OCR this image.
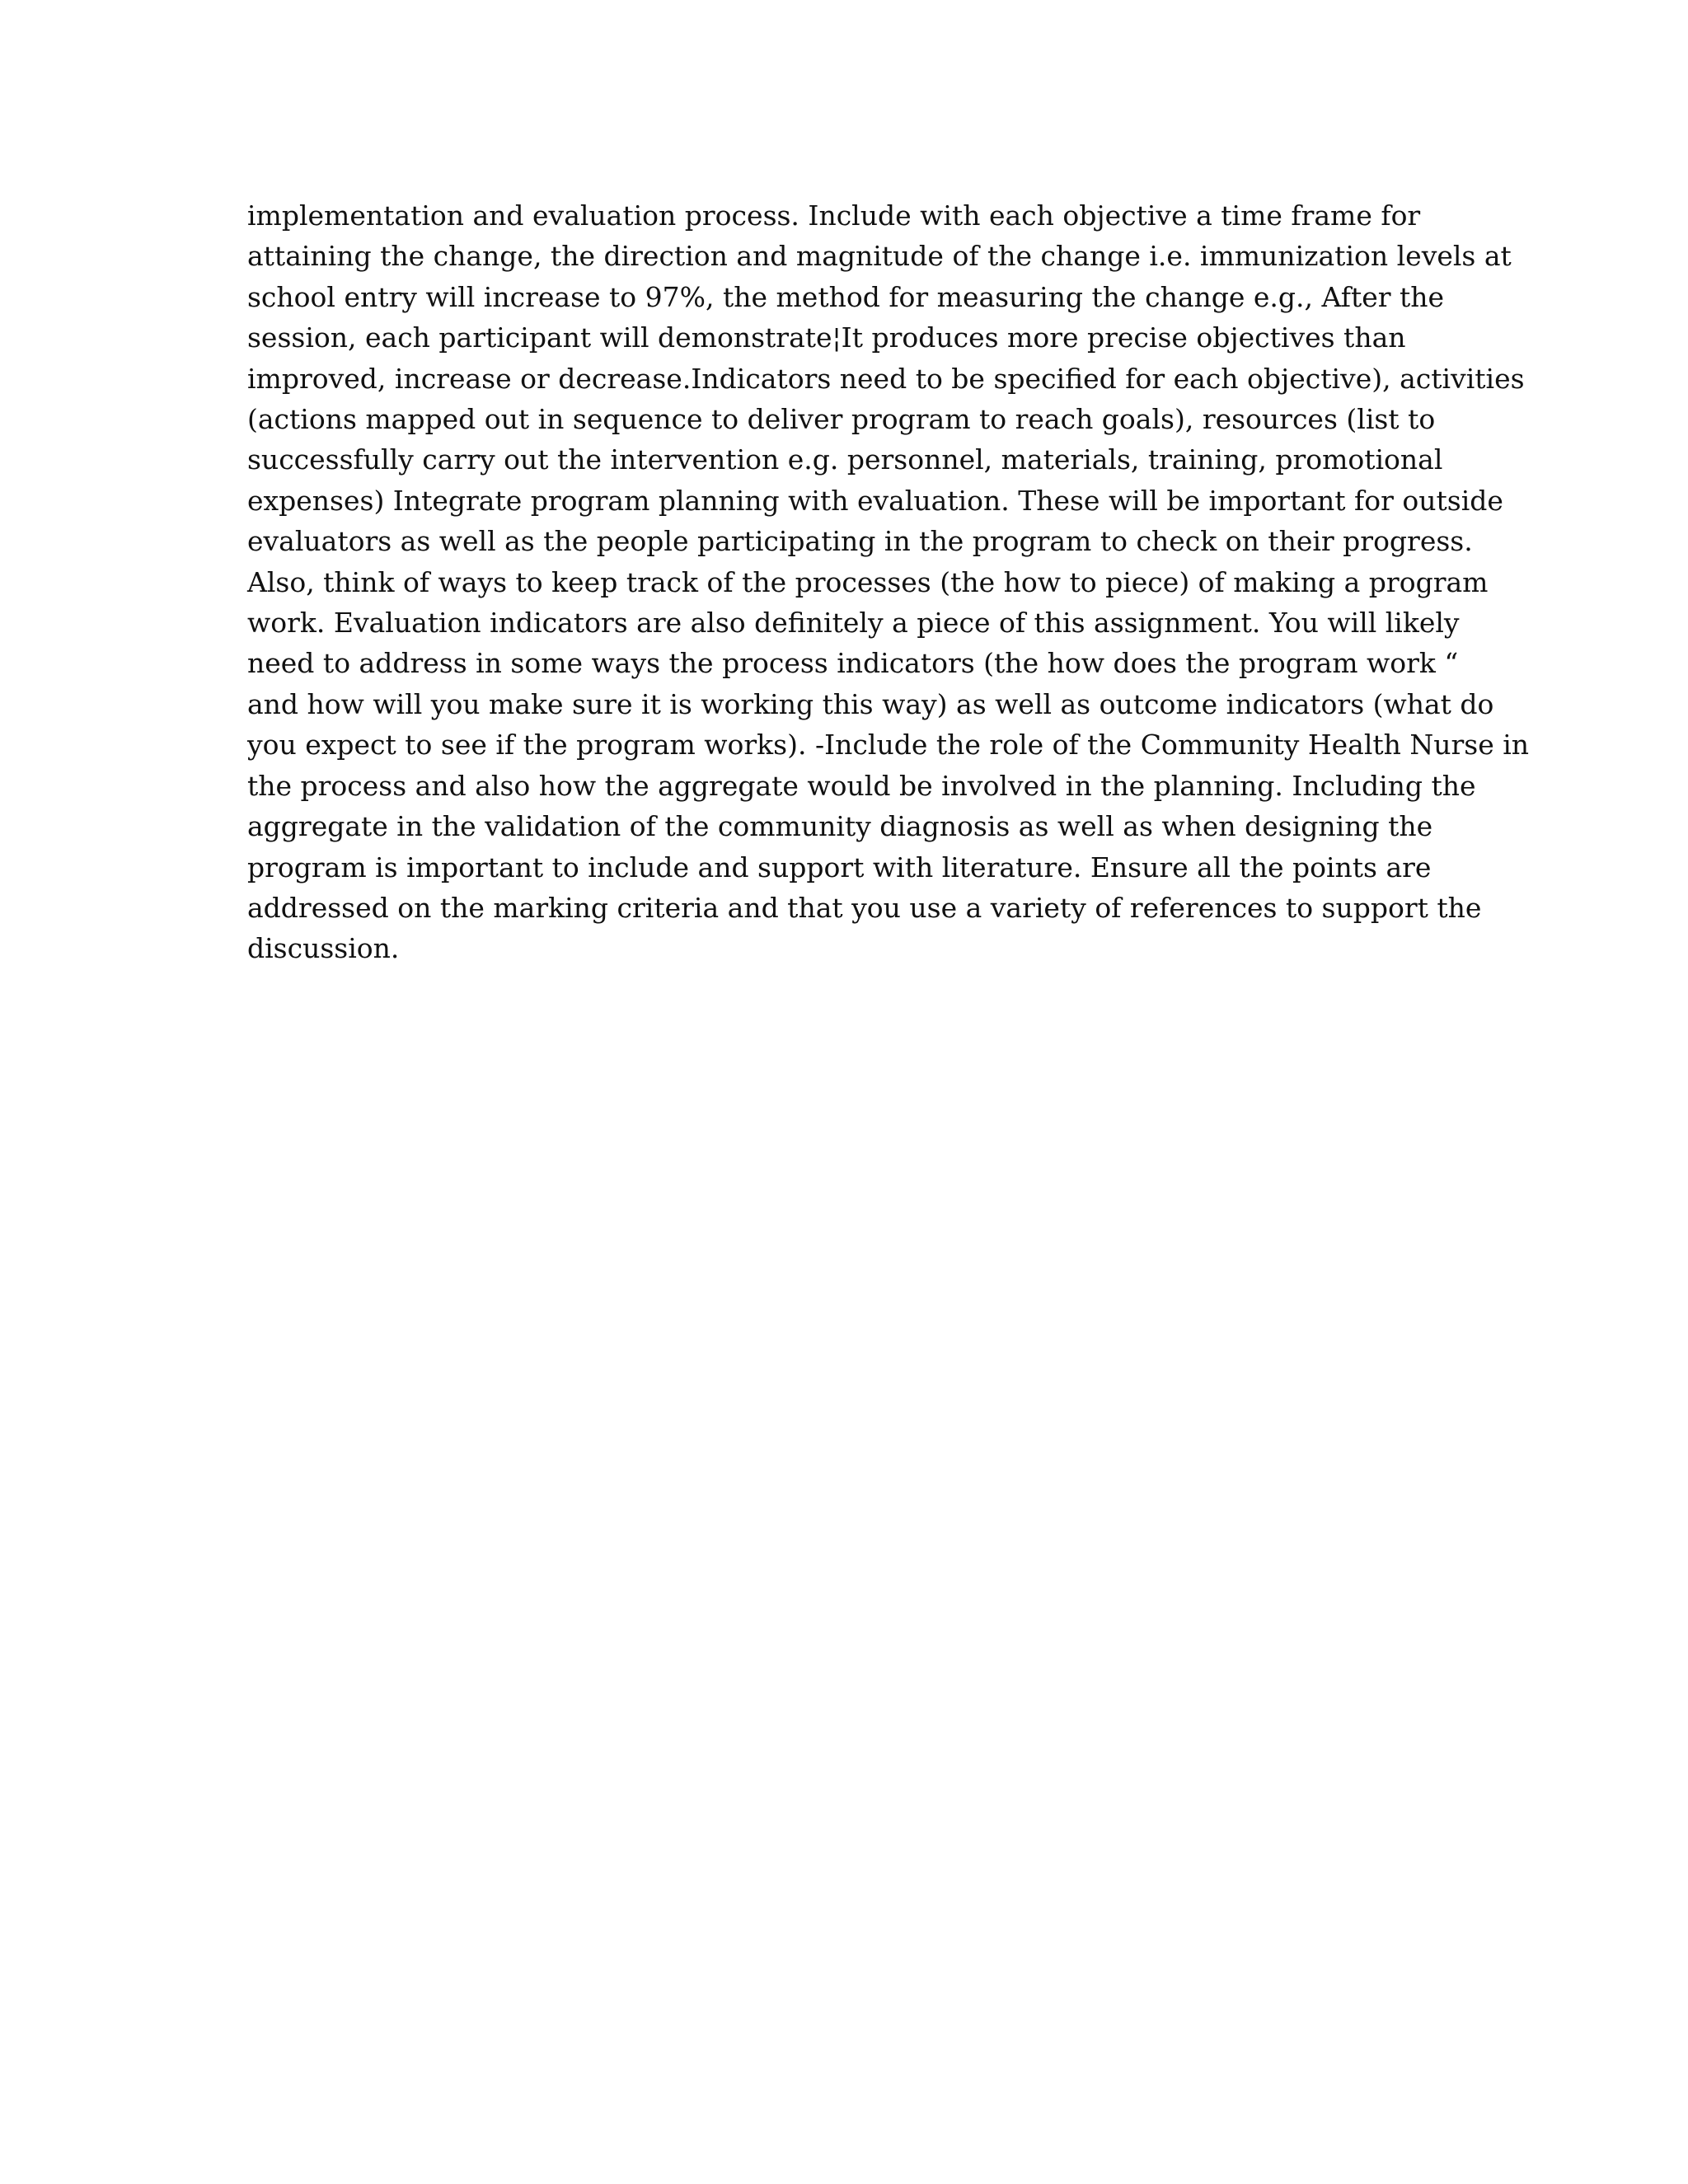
implementation and evaluation process. Include with each objective a time frame for
attaining the change, the direction and magnitude of the change i.e. immunization levels at
school entry will increase to 97%, the method for measuring the change e.g., After the
session, each participant will demonstrate¦It produces more precise objectives than
improved, increase or decrease.Indicators need to be specified for each objective), activities
(actions mapped out in sequence to deliver program to reach goals), resources (list to
successfully carry out the intervention e.g. personnel, materials, training, promotional
expenses) Integrate program planning with evaluation. These will be important for outside
evaluators as well as the people participating in the program to check on their progress.
Also, think of ways to keep track of the processes (the how to piece) of making a program
work. Evaluation indicators are also definitely a piece of this assignment. You will likely
need to address in some ways the process indicators (the how does the program work “
and how will you make sure it is working this way) as well as outcome indicators (what do
you expect to see if the program works). -Include the role of the Community Health Nurse in
the process and also how the aggregate would be involved in the planning. Including the
aggregate in the validation of the community diagnosis as well as when designing the
program is important to include and support with literature. Ensure all the points are
addressed on the marking criteria and that you use a variety of references to support the
discussion.
